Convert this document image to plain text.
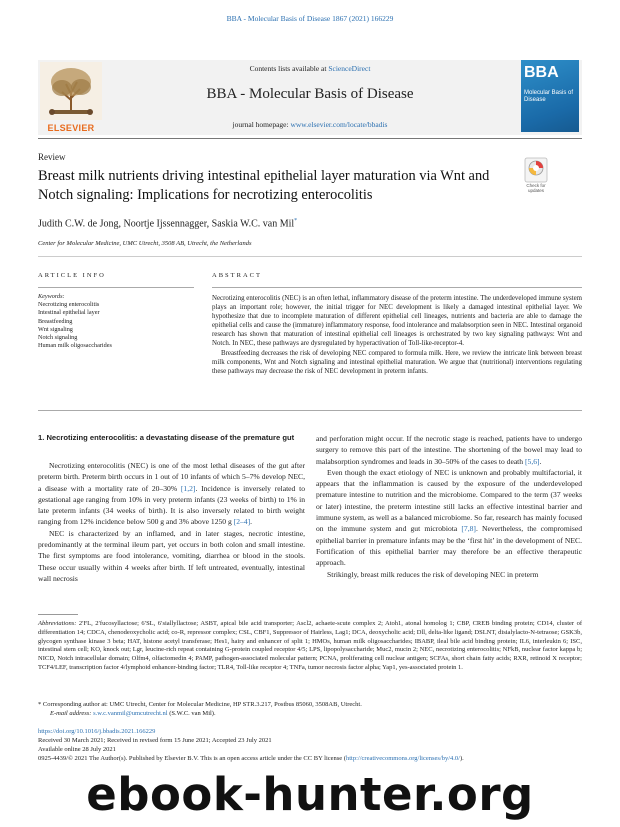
BBA - Molecular Basis of Disease 1867 (2021) 166229
ELSEVIER
Contents lists available at ScienceDirect
BBA - Molecular Basis of Disease
journal homepage: www.elsevier.com/locate/bbadis
BBA
Molecular Basis of Disease
Review
Breast milk nutrients driving intestinal epithelial layer maturation via Wnt and Notch signaling: Implications for necrotizing enterocolitis
Check for updates
Judith C.W. de Jong, Noortje Ijssennagger, Saskia W.C. van Mil*
Center for Molecular Medicine, UMC Utrecht, 3508 AB, Utrecht, the Netherlands
ARTICLE INFO	ABSTRACT
Keywords:
Necrotizing enterocolitis
Intestinal epithelial layer
Breastfeeding
Wnt signaling
Notch signaling
Human milk oligosaccharides

Necrotizing enterocolitis (NEC) is an often lethal, inflammatory disease of the preterm intestine. The underdeveloped immune system plays an important role; however, the initial trigger for NEC development is likely a damaged intestinal epithelial layer. We hypothesize that due to incomplete maturation of different epithelial cell lineages, nutrients and bacteria are able to damage the epithelial cells and cause the (immature) inflammatory response, food intolerance and malabsorption seen in NEC. Intestinal organoid research has shown that maturation of intestinal epithelial cell lineages is orchestrated by two key signaling pathways: Wnt and Notch. In NEC, these pathways are dysregulated by hyperactivation of Toll-like-receptor-4.

Breastfeeding decreases the risk of developing NEC compared to formula milk. Here, we review the intricate link between breast milk components, Wnt and Notch signaling and intestinal epithelial maturation. We argue that (nutritional) interventions regulating these pathways may decrease the risk of NEC development in preterm infants.

1. Necrotizing enterocolitis: a devastating disease of the premature gut

Necrotizing enterocolitis (NEC) is one of the most lethal diseases of the gut after preterm birth. Preterm birth occurs in 1 out of 10 infants of which 5–7% develop NEC, a disease with a mortality rate of 20–30% [1,2]. Incidence is inversely related to gestational age ranging from 10% in very preterm infants (23 weeks of birth) to 1% in late preterm infants (34 weeks of birth). It is also inversely related to birth weight ranging from 12% incidence below 500 g and 3% above 1250 g [2–4].

NEC is characterized by an inflamed, and in later stages, necrotic intestine, predominantly at the terminal ileum part, yet occurs in both colon and small intestine. The first symptoms are food intolerance, vomiting, diarrhea or blood in the stools. These occur usually within 4 weeks after birth. If left untreated, eventually, intestinal wall necrosis

and perforation might occur. If the necrotic stage is reached, patients have to undergo surgery to remove this part of the intestine. The shortening of the bowel may lead to malabsorption syndromes and leads in 30–50% of the cases to death [5,6].

Even though the exact etiology of NEC is unknown and probably multifactorial, it appears that the inflammation is caused by the exposure of the underdeveloped premature intestine to nutrition and the microbiome. Compared to the term (37 weeks or later) intestine, the preterm intestine still lacks an effective intestinal barrier and immune system, as well as a balanced microbiome. So far, research has mainly focused on the immune system and gut microbiota [7,8]. Nevertheless, the compromised epithelial barrier in premature infants may be the ‘first hit’ in the development of NEC. Fortification of this epithelial barrier may therefore be an effective therapeutic approach.

Strikingly, breast milk reduces the risk of developing NEC in preterm

Abbreviations: 2′FL, 2′fucosyllactose; 6′SL, 6′siallyllactose; ASBT, apical bile acid transporter; Ascl2, achaete-scute complex 2; Atoh1, atonal homolog 1; CBP, CREB binding protein; CD14, cluster of differentiation 14; CDCA, chenodeoxycholic acid; co-R, repressor complex; CSL, CBF1, Suppressor of Hairless, Lag1; DCA, deoxycholic acid; Dll, delta-like ligand; DSLNT, disialylacto-N-tetraose; GSK3b, glycogen synthase kinase 3 beta; HAT, histone acetyl transferase; Hes1, hairy and enhancer of split 1; HMOs, human milk oligosaccharides; IBABP, ileal bile acid binding protein; IL6, interleukin 6; ISC, intestinal stem cell; KO, knock out; Lgr, leucine-rich repeat containing G-protein coupled receptor 4/5; LPS, lipopolysaccharide; Muc2, mucin 2; NEC, necrotizing enterocolitis; NFkB, nuclear factor kappa b; NICD, Notch intracellular domain; Olfm4, olfactomedin 4; PAMP, pathogen-associated molecular pattern; PCNA, proliferating cell nuclear antigen; SCFAs, short chain fatty acids; RXR, retinoid X receptor; TCF4/LEF, transcription factor 4/lymphoid enhancer-binding factor; TLR4, Toll-like receptor 4; TNFa, tumor necrosis factor alpha; Yap1, yes-associated protein 1.
* Corresponding author at: UMC Utrecht, Center for Molecular Medicine, HP STR.3.217, Postbus 85060, 3508AB, Utrecht.
E-mail address: s.w.c.vanmil@umcutrecht.nl (S.W.C. van Mil).
https://doi.org/10.1016/j.bbadis.2021.166229
Received 30 March 2021; Received in revised form 15 June 2021; Accepted 23 July 2021
Available online 28 July 2021
0925-4439/© 2021 The Author(s). Published by Elsevier B.V. This is an open access article under the CC BY license (http://creativecommons.org/licenses/by/4.0/).
ebook-hunter.org
